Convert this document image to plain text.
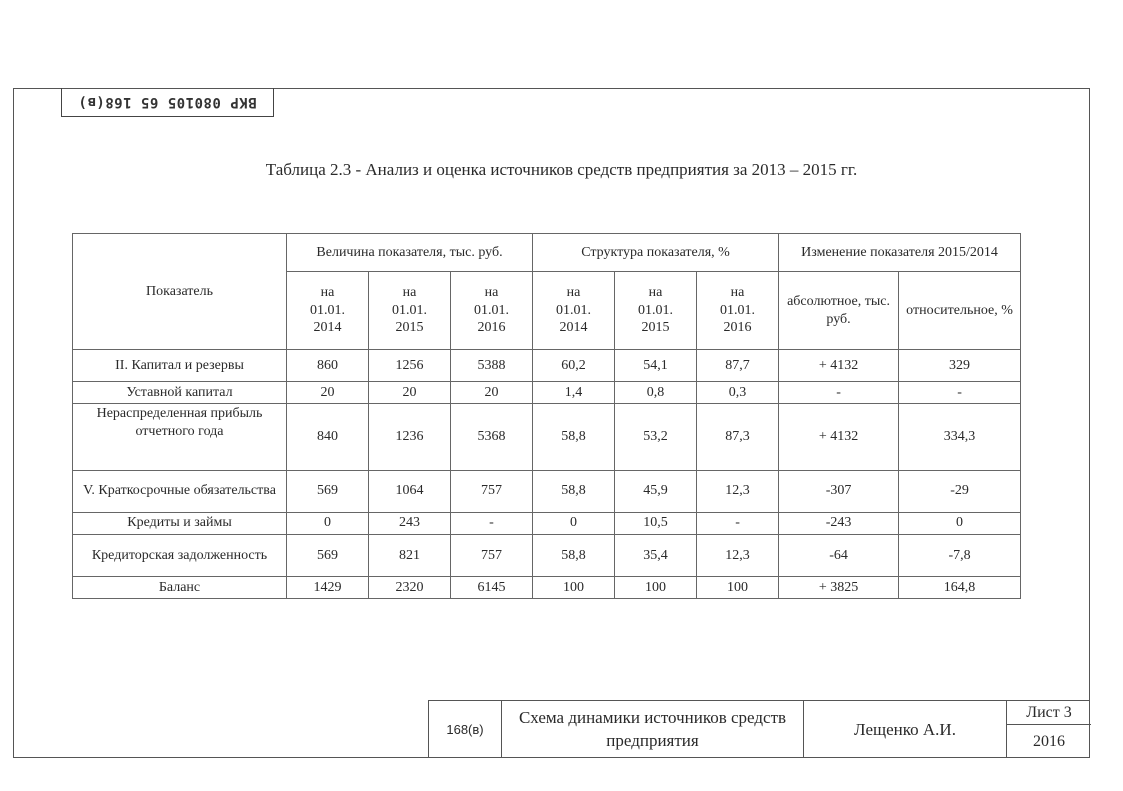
ВКР 080105 65 168(в)
Таблица 2.3 - Анализ и оценка источников средств предприятия за 2013 – 2015 гг.
Показатель	Величина показателя, тыс. руб.			Структура показателя, %			Изменение показателя 2015/2014	
	на
01.01.
2014	на
01.01.
2015	на
01.01.
2016	на
01.01.
2014	на
01.01.
2015	на
01.01.
2016	абсолютное, тыс. руб.	относительное, %
II. Капитал и резервы	860	1256	5388	60,2	54,1	87,7	+ 4132	329
Уставной капитал	20	20	20	1,4	0,8	0,3	-	-
Нераспределенная прибыль отчетного года	840	1236	5368	58,8	53,2	87,3	+ 4132	334,3
V. Краткосрочные обязательства	569	1064	757	58,8	45,9	12,3	-307	-29
Кредиты и займы	0	243	-	0	10,5	-	-243	0
Кредиторская задолженность	569	821	757	58,8	35,4	12,3	-64	-7,8
Баланс	1429	2320	6145	100	100	100	+ 3825	164,8
168(в)
Схема динамики источников средств предприятия
Лещенко А.И.
Лист 3
2016
